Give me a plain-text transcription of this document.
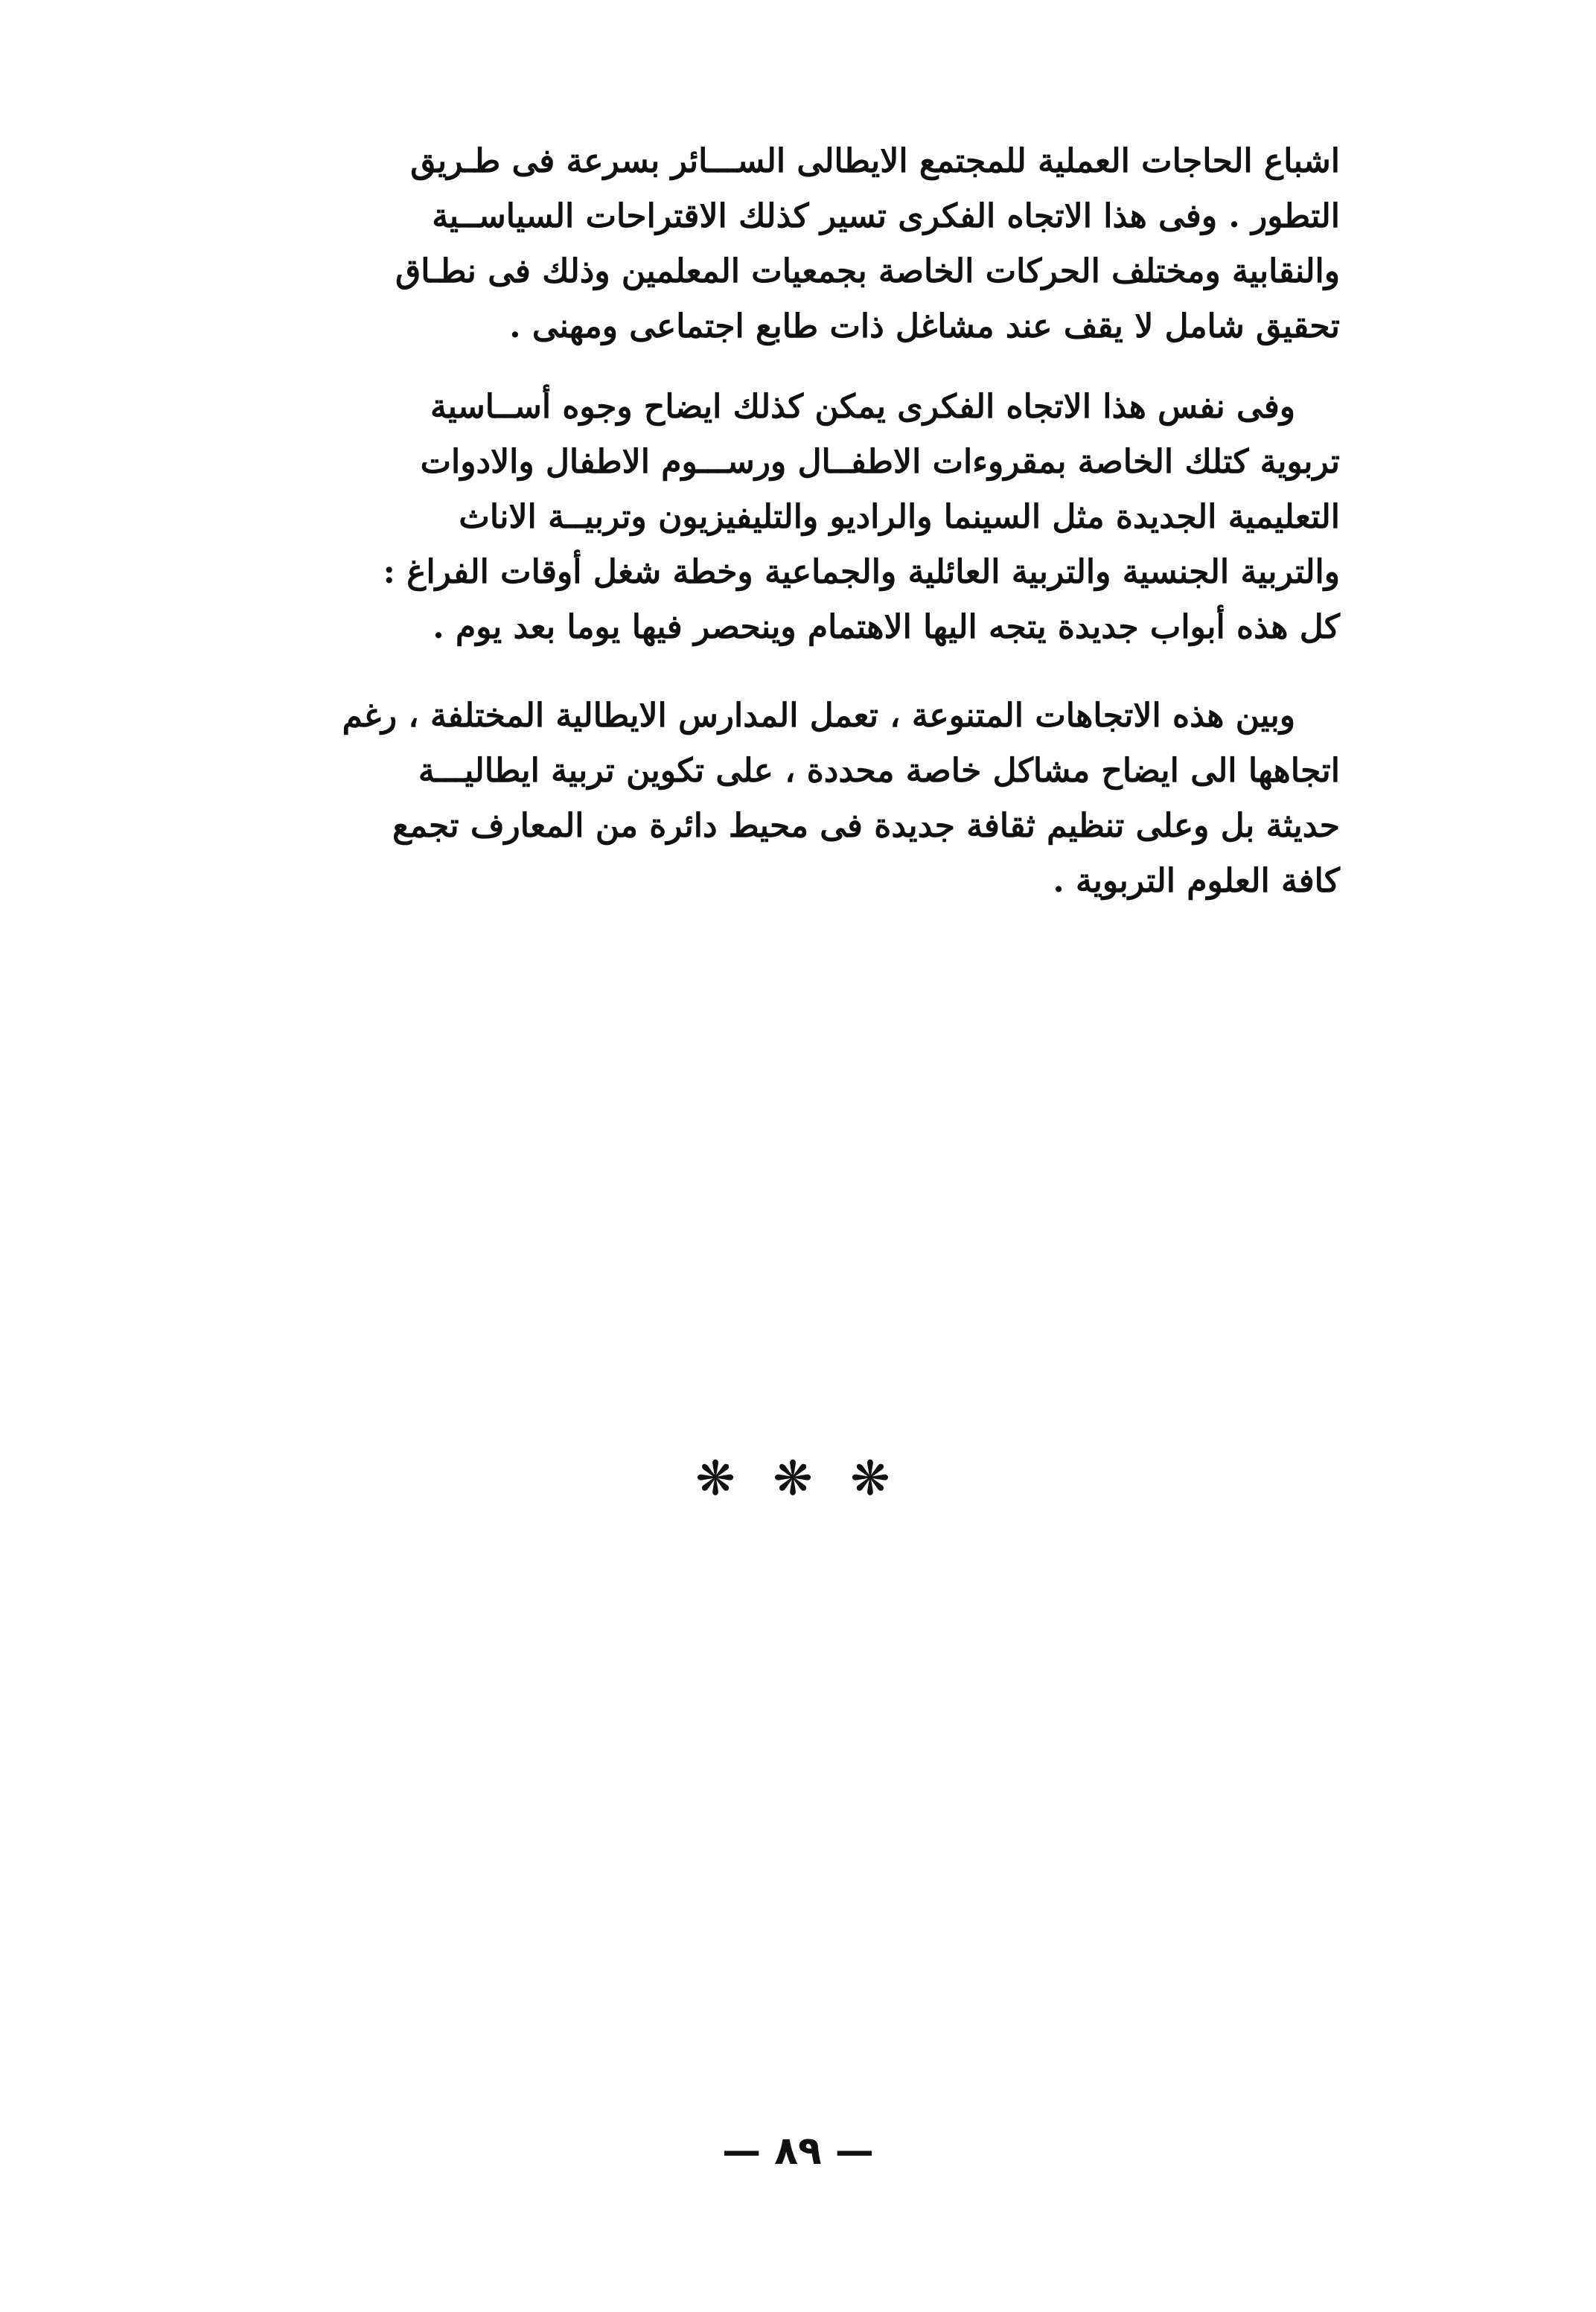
اشباع الحاجات العملية للمجتمع الايطالى الســـائر بسرعة فى طـريق
التطور . وفى هذا الاتجاه الفكرى تسير كذلك الاقتراحات السياســية
والنقابية ومختلف الحركات الخاصة بجمعيات المعلمين وذلك فى نطـاق
تحقيق شامل لا يقف عند مشاغل ذات طابع اجتماعى ومهنى .
وفى نفس هذا الاتجاه الفكرى يمكن كذلك ايضاح وجوه أســاسية
تربوية كتلك الخاصة بمقروءات الاطفــال ورســـوم الاطفال والادوات
التعليمية الجديدة مثل السينما والراديو والتليفيزيون وتربيــة الاناث
والتربية الجنسية والتربية العائلية والجماعية وخطة شغل أوقات الفراغ :
كل هذه أبواب جديدة يتجه اليها الاهتمام وينحصر فيها يوما بعد يوم .
وبين هذه الاتجاهات المتنوعة ، تعمل المدارس الايطالية المختلفة ، رغم
اتجاهها الى ايضاح مشاكل خاصة محددة ، على تكوين تربية ايطاليـــة
حديثة بل وعلى تنظيم ثقافة جديدة فى محيط دائرة من المعارف تجمع
كافة العلوم التربوية .
❋ ❋ ❋
— ٨٩ —
